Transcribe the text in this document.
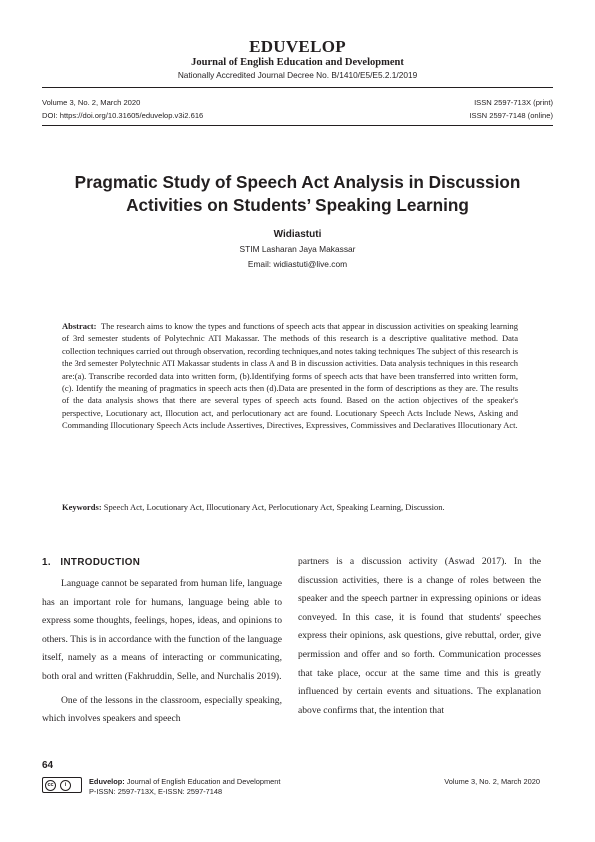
EDUVELOP
Journal of English Education and Development
Nationally Accredited Journal Decree No. B/1410/E5/E5.2.1/2019
Volume 3, No. 2, March 2020
DOI: https://doi.org/10.31605/eduvelop.v3i2.616
ISSN 2597-713X (print)
ISSN 2597-7148 (online)
Pragmatic Study of Speech Act Analysis in Discussion Activities on Students’ Speaking Learning
Widiastuti
STIM Lasharan Jaya Makassar
Email: widiastuti@live.com
Abstract: The research aims to know the types and functions of speech acts that appear in discussion activities on speaking learning of 3rd semester students of Polytechnic ATI Makassar. The methods of this research is a descriptive qualitative method. Data collection techniques carried out through observation, recording techniques,and notes taking techniques The subject of this research is the 3rd semester Polytechnic ATI Makassar students in class A and B in discussion activities. Data analysis techniques in this research are:(a). Transcribe recorded data into written form, (b).Identifying forms of speech acts that have been transferred into written form, (c). Identify the meaning of pragmatics in speech acts then (d).Data are presented in the form of descriptions as they are. The results of the data analysis shows that there are several types of speech acts found. Based on the action objectives of the speaker's perspective, Locutionary act, Illocution act, and perlocutionary act are found. Locutionary Speech Acts Include News, Asking and Commanding Illocutionary Speech Acts include Assertives, Directives, Expressives, Commissives and Declaratives Illocutionary Act.
Keywords: Speech Act, Locutionary Act, Illocutionary Act, Perlocutionary Act, Speaking Learning, Discussion.
1.   INTRODUCTION

Language cannot be separated from human life, language has an important role for humans, language being able to express some thoughts, feelings, hopes, ideas, and opinions to others. This is in accordance with the function of the language itself, namely as a means of interacting or communicating, both oral and written (Fakhruddin, Selle, and Nurchalis 2019).

One of the lessons in the classroom, especially speaking, which involves speakers and speech

partners is a discussion activity (Aswad 2017). In the discussion activities, there is a change of roles between the speaker and the speech partner in expressing opinions or ideas conveyed. In this case, it is found that students' speeches express their opinions, ask questions, give rebuttal, order, give permission and offer and so forth. Communication processes that take place, occur at the same time and this is greatly influenced by certain events and situations. The explanation above confirms that, the intention that

64
cc	i	Eduvelop: Journal of English Education and Development
P-ISSN: 2597-713X, E-ISSN: 2597-7148
Volume 3, No. 2, March 2020
